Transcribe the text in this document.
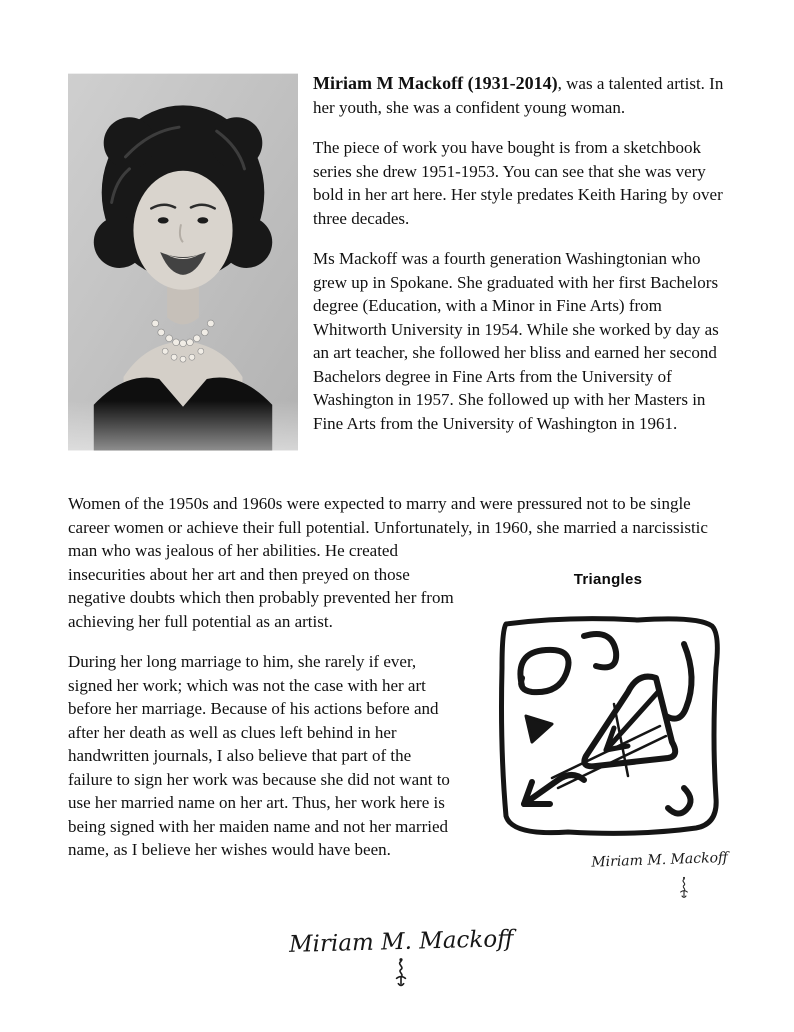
Miriam M Mackoff (1931-2014), was a talented artist. In her youth, she was a confident young woman.

The piece of work you have bought is from a sketchbook series she drew 1951-1953. You can see that she was very bold in her art here. Her style predates Keith Haring by over three decades.

Ms Mackoff was a fourth generation Washingtonian who grew up in Spokane. She graduated with her first Bachelors degree (Education, with a Minor in Fine Arts) from Whitworth University in 1954. While she worked by day as an art teacher, she followed her bliss and earned her second Bachelors degree in Fine Arts from the University of Washington in 1957. She followed up with her Masters in Fine Arts from the University of Washington in 1961.

Triangles
Miriam M. Mackoff

Women of the 1950s and 1960s were expected to marry and were pressured not to be single career women or achieve their full potential. Unfortunately, in 1960, she married a narcissistic man who was jealous of her abilities. He created insecurities about her art and then preyed on those negative doubts which then probably prevented her from achieving her full potential as an artist.

During her long marriage to him, she rarely if ever, signed her work; which was not the case with her art before her marriage. Because of his actions before and after her death as well as clues left behind in her handwritten journals, I also believe that part of the failure to sign her work was because she did not want to use her married name on her art. Thus, her work here is being signed with her maiden name and not her married name, as I believe her wishes would have been.

Miriam M. Mackoff
